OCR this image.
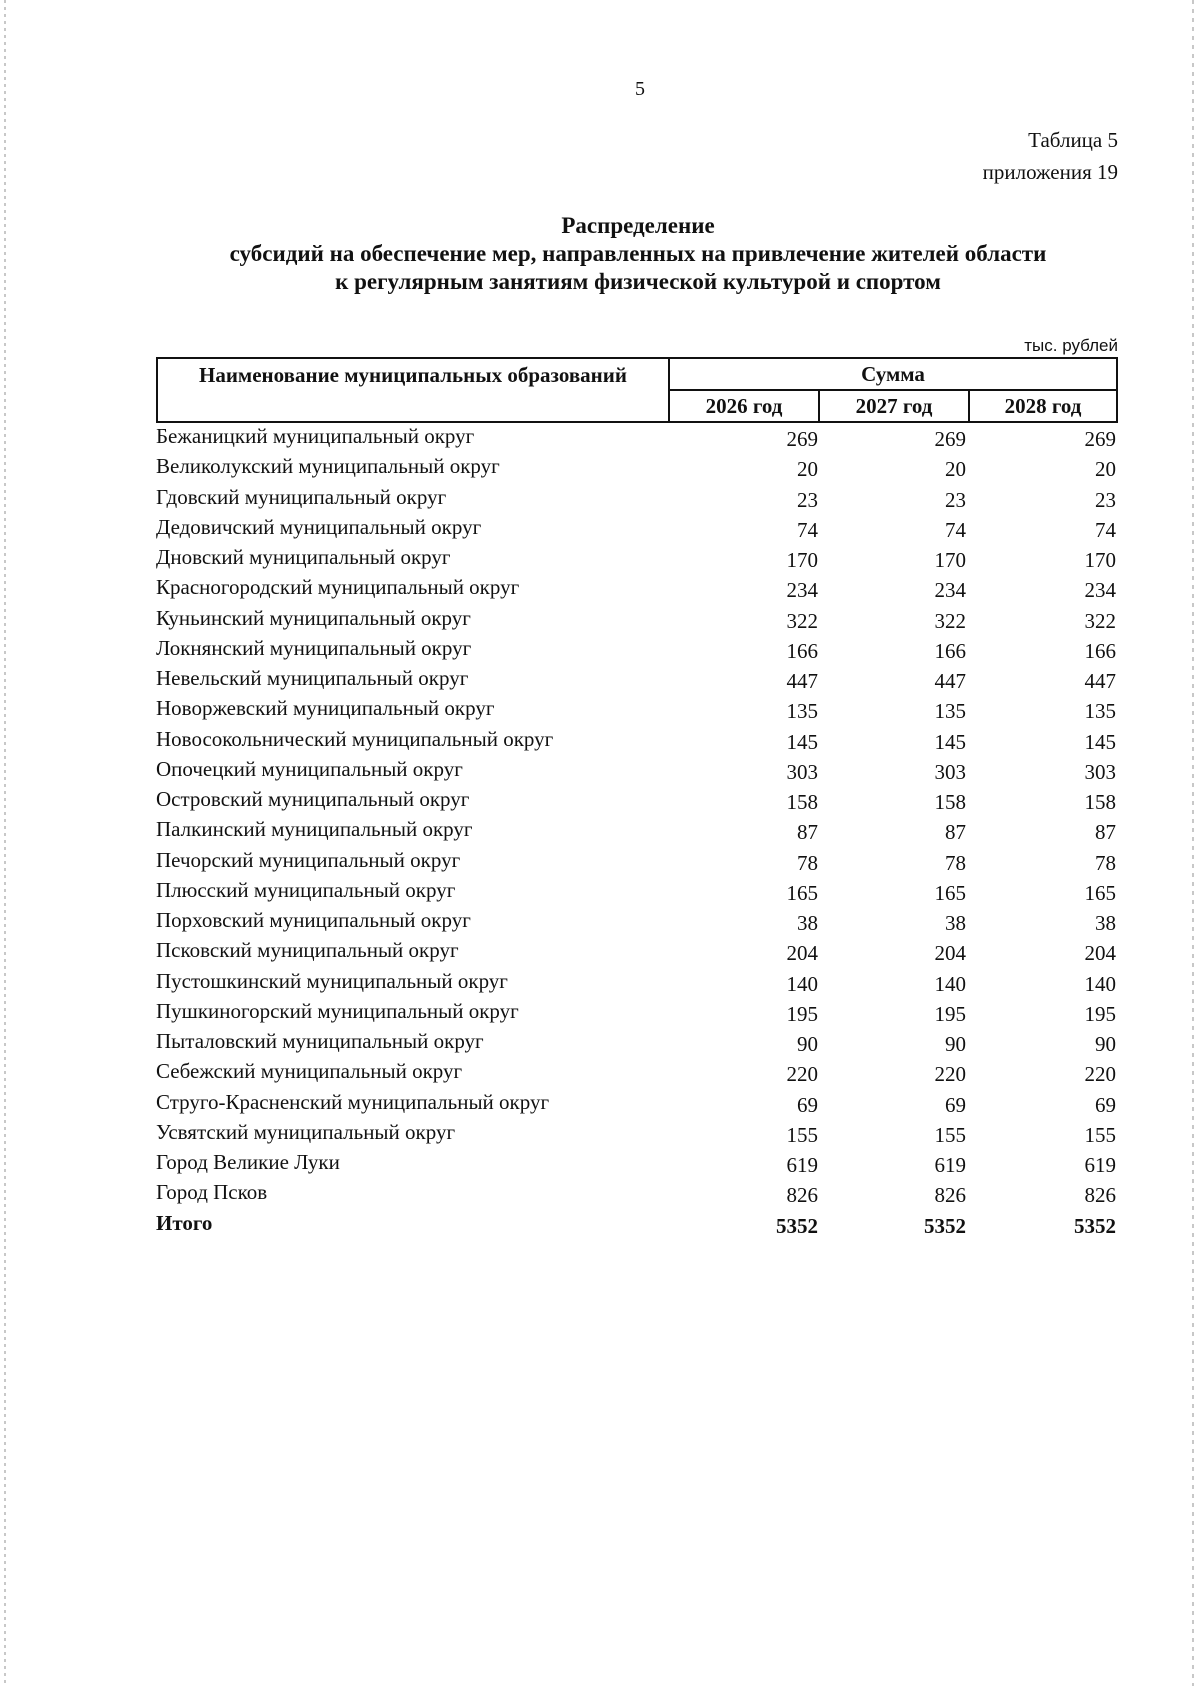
5
Таблица 5
приложения 19
Распределение
субсидий на обеспечение мер, направленных на привлечение жителей области
к регулярным занятиям физической культурой и спортом
тыс. рублей
Наименование муниципальных образований	Сумма		
	2026 год	2027 год	2028 год
Бежаницкий муниципальный округ	269	269	269
Великолукский муниципальный округ	20	20	20
Гдовский муниципальный округ	23	23	23
Дедовичский муниципальный округ	74	74	74
Дновский муниципальный округ	170	170	170
Красногородский муниципальный округ	234	234	234
Куньинский муниципальный округ	322	322	322
Локнянский муниципальный округ	166	166	166
Невельский муниципальный округ	447	447	447
Новоржевский муниципальный округ	135	135	135
Новосокольнический муниципальный округ	145	145	145
Опочецкий муниципальный округ	303	303	303
Островский муниципальный округ	158	158	158
Палкинский муниципальный округ	87	87	87
Печорский муниципальный округ	78	78	78
Плюсский муниципальный округ	165	165	165
Порховский муниципальный округ	38	38	38
Псковский муниципальный округ	204	204	204
Пустошкинский муниципальный округ	140	140	140
Пушкиногорский муниципальный округ	195	195	195
Пыталовский муниципальный округ	90	90	90
Себежский муниципальный округ	220	220	220
Струго-Красненский муниципальный округ	69	69	69
Усвятский муниципальный округ	155	155	155
Город Великие Луки	619	619	619
Город Псков	826	826	826
Итого	5352	5352	5352
